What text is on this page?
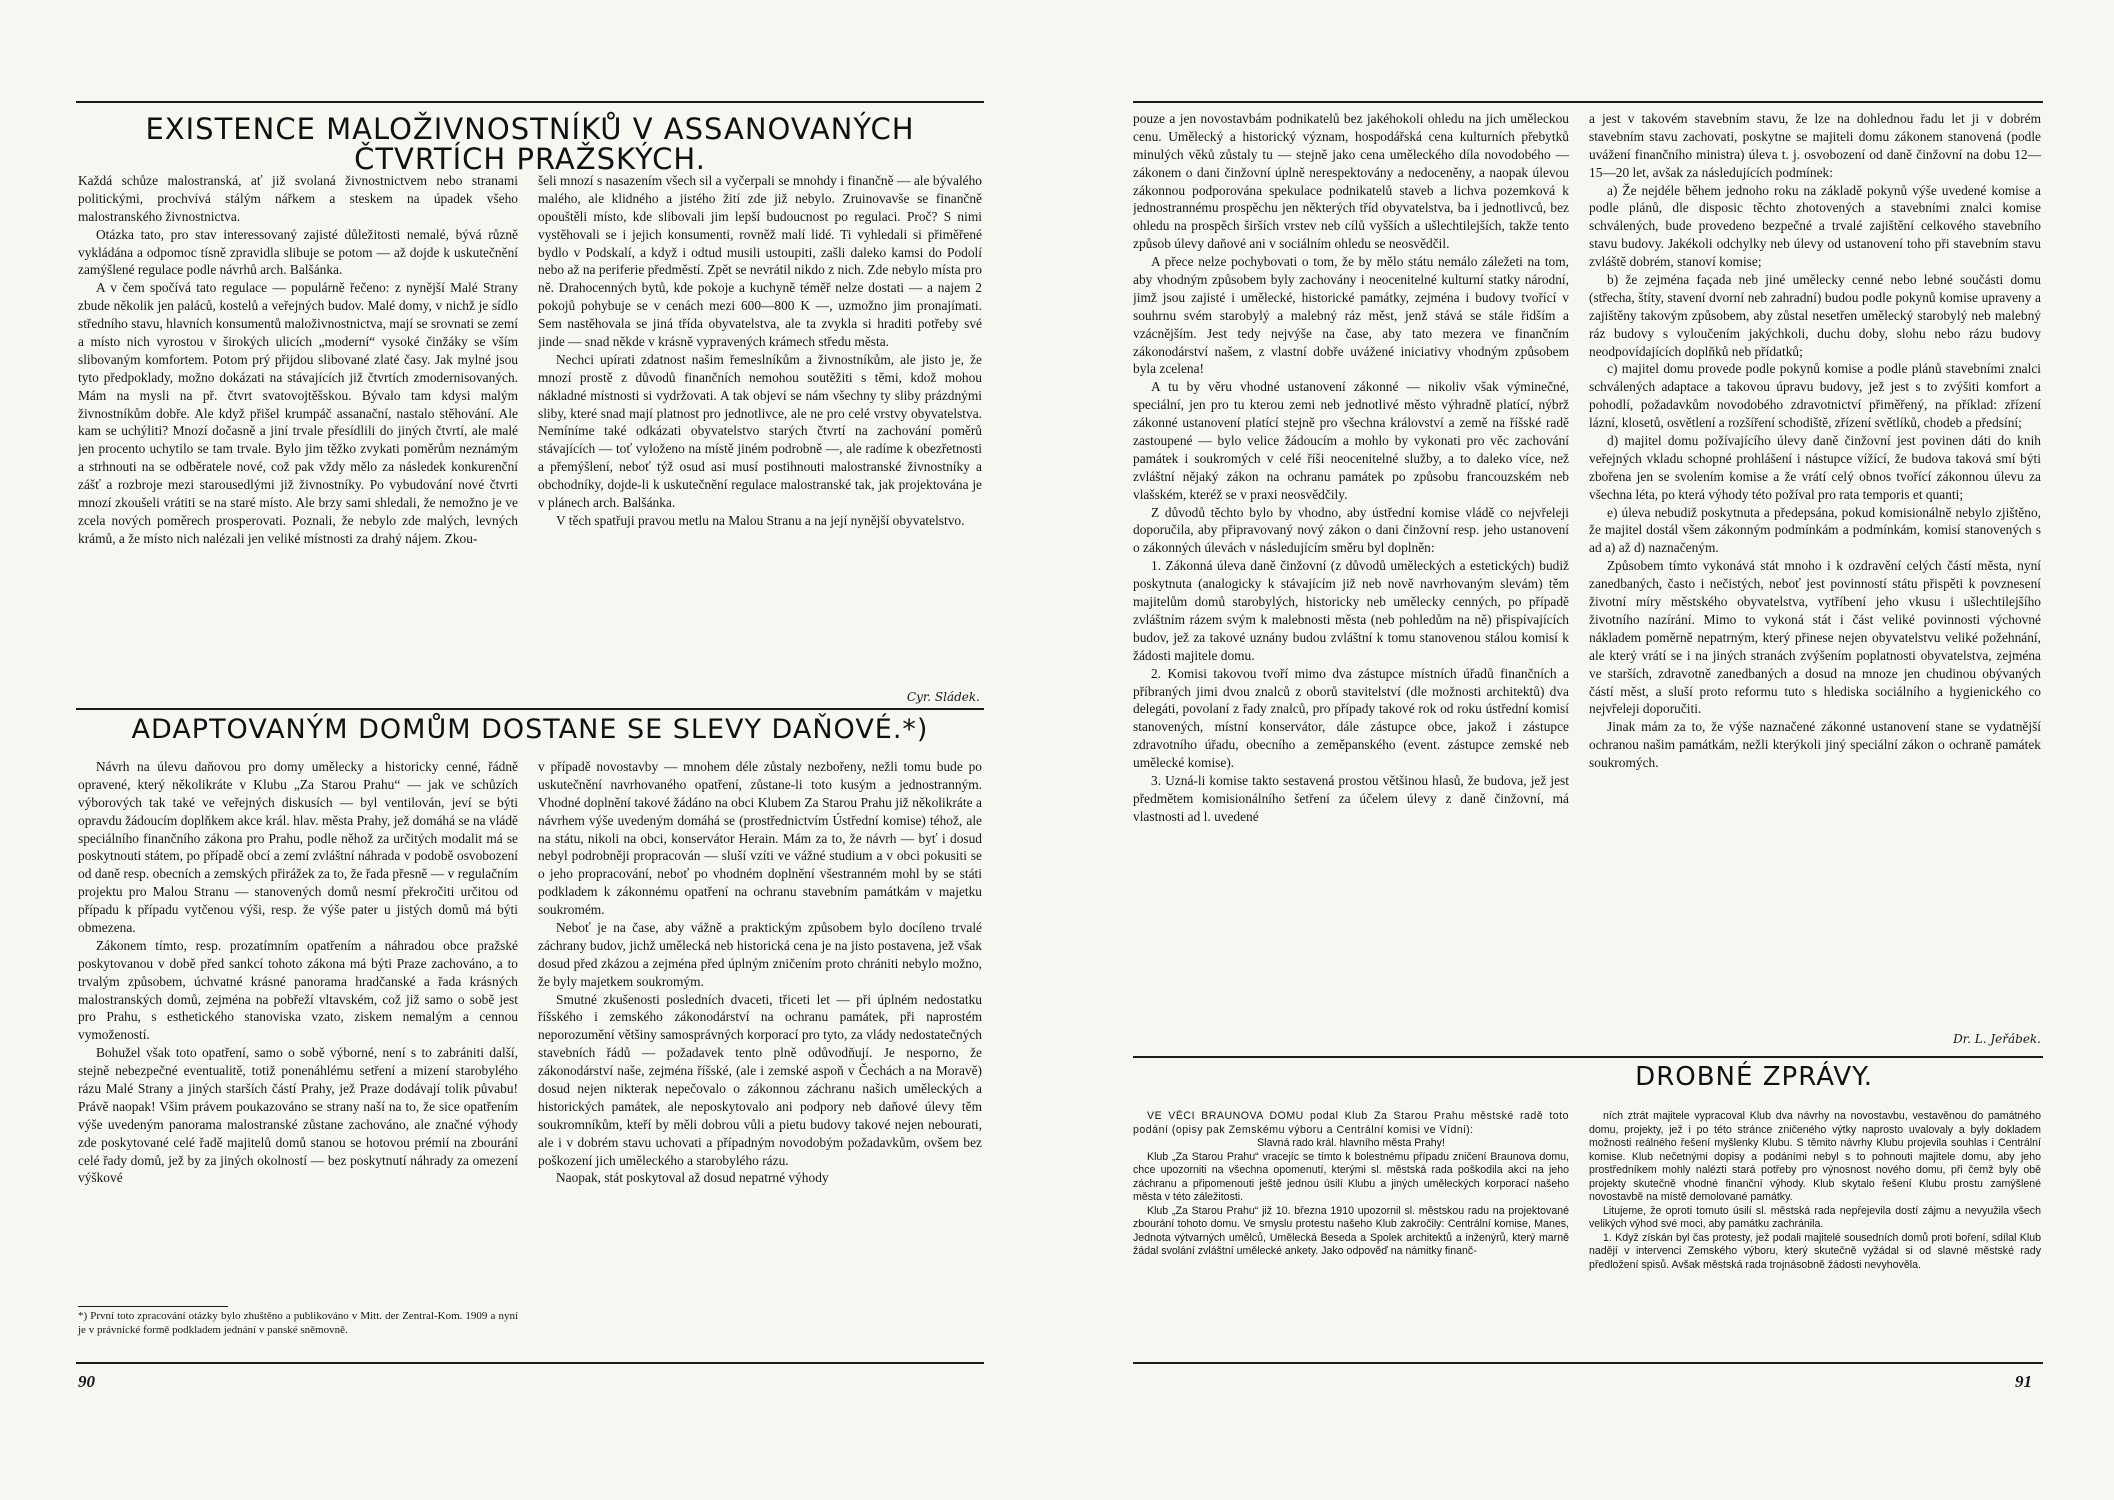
EXISTENCE MALOŽIVNOSTNÍKŮ V ASSANOVANÝCH ČTVRTÍCH PRAŽSKÝCH.

Každá schůze malostranská, ať již svolaná živnostnictvem nebo stranami politickými, prochvívá stálým nářkem a steskem na úpadek všeho malostranského živnostnictva.

Otázka tato, pro stav interessovaný zajisté důležitosti nemalé, bývá různě vykládána a odpomoc tísně zpravidla slibuje se potom — až dojde k uskutečnění zamýšlené regulace podle návrhů arch. Balšánka.

A v čem spočívá tato regulace — populárně řečeno: z nynější Malé Strany zbude několik jen paláců, kostelů a veřejných budov. Malé domy, v nichž je sídlo středního stavu, hlavních konsumentů maloživnostnictva, mají se srovnati se zemí a místo nich vyrostou v širokých ulicích „moderní“ vysoké činžáky se vším slibovaným komfortem. Potom prý přijdou slibované zlaté časy. Jak mylné jsou tyto předpoklady, možno dokázati na stávajících již čtvrtích zmodernisovaných. Mám na mysli na př. čtvrt svatovojtěšskou. Bývalo tam kdysi malým živnostníkům dobře. Ale když přišel krumpáč assanační, nastalo stěhování. Ale kam se uchýliti? Mnozí dočasně a jiní trvale přesídlili do jiných čtvrtí, ale malé jen procento uchytilo se tam trvale. Bylo jim těžko zvykati poměrům neznámým a strhnouti na se odběratele nové, což pak vždy mělo za následek konkurenční zášť a rozbroje mezi starousedlými již živnostníky. Po vybudování nové čtvrti mnozí zkoušeli vrátiti se na staré místo. Ale brzy sami shledali, že nemožno je ve zcela nových poměrech prosperovati. Poznali, že nebylo zde malých, levných krámů, a že místo nich nalézali jen veliké místnosti za drahý nájem. Zkou-

šeli mnozí s nasazením všech sil a vyčerpali se mnohdy i finančně — ale bývalého malého, ale klidného a jistého žití zde již nebylo. Zruinovavše se finančně opouštěli místo, kde slibovali jim lepší budoucnost po regulaci. Proč? S nimi vystěhovali se i jejich konsumenti, rovněž malí lidé. Ti vyhledali si přiměřené bydlo v Podskalí, a když i odtud musili ustoupiti, zašli daleko kamsi do Podolí nebo až na periferie předměstí. Zpět se nevrátil nikdo z nich. Zde nebylo místa pro ně. Drahocenných bytů, kde pokoje a kuchyně téměř nelze dostati — a najem 2 pokojů pohybuje se v cenách mezi 600—800 K —, uzmožno jim pronajímati. Sem nastěhovala se jiná třída obyvatelstva, ale ta zvykla si hraditi potřeby své jinde — snad někde v krásně vypravených krámech středu města.

Nechci upírati zdatnost našim řemeslníkům a živnostníkům, ale jisto je, že mnozí prostě z důvodů finančních nemohou soutěžiti s těmi, kdož mohou nákladné místnosti si vydržovati. A tak objeví se nám všechny ty sliby prázdnými sliby, které snad mají platnost pro jednotlivce, ale ne pro celé vrstvy obyvatelstva. Nemíníme také odkázati obyvatelstvo starých čtvrtí na zachování poměrů stávajících — toť vyloženo na místě jiném podrobně —, ale radíme k obezřetnosti a přemýšlení, neboť týž osud asi musí postihnouti malostranské živnostníky a obchodníky, dojde-li k uskutečnění regulace malostranské tak, jak projektována je v plánech arch. Balšánka.

V těch spatřuji pravou metlu na Malou Stranu a na její nynější obyvatelstvo.

Cyr. Sládek.
ADAPTOVANÝM DOMŮM DOSTANE SE SLEVY DAŇOVÉ.*)

Návrh na úlevu daňovou pro domy umělecky a historicky cenné, řádně opravené, který několikráte v Klubu „Za Starou Prahu“ — jak ve schůzích výborových tak také ve veřejných diskusích — byl ventilován, jeví se býti opravdu žádoucím doplňkem akce král. hlav. města Prahy, jež domáhá se na vládě speciálního finančního zákona pro Prahu, podle něhož za určitých modalit má se poskytnouti státem, po případě obcí a zemí zvláštní náhrada v podobě osvobození od daně resp. obecních a zemských přirážek za to, že řada přesně — v regulačním projektu pro Malou Stranu — stanovených domů nesmí překročiti určitou od případu k případu vytčenou výši, resp. že výše pater u jistých domů má býti obmezena.

Zákonem tímto, resp. prozatímním opatřením a náhradou obce pražské poskytovanou v době před sankcí tohoto zákona má býti Praze zachováno, a to trvalým způsobem, úchvatné krásné panorama hradčanské a řada krásných malostranských domů, zejména na pobřeží vltavském, což již samo o sobě jest pro Prahu, s esthetického stanoviska vzato, ziskem nemalým a cennou vymožeností.

Bohužel však toto opatření, samo o sobě výborné, není s to zabrániti další, stejně nebezpečné eventualitě, totiž ponenáhlému setření a mizení starobylého rázu Malé Strany a jiných starších částí Prahy, jež Praze dodávají tolik půvabu! Právě naopak! Všim právem poukazováno se strany naší na to, že sice opatřením výše uvedeným panorama malostranské zůstane zachováno, ale značné výhody zde poskytované celé řadě majitelů domů stanou se hotovou prémií na zbourání celé řady domů, jež by za jiných okolností — bez poskytnutí náhrady za omezení výškové

*) První toto zpracování otázky bylo zhuštěno a publikováno v Mitt. der Zentral-Kom. 1909 a nyní je v právnické formě podkladem jednání v panské sněmovně.

v případě novostavby — mnohem déle zůstaly nezbořeny, nežli tomu bude po uskutečnění navrhovaného opatření, zůstane-li toto kusým a jednostranným. Vhodné doplnění takové žádáno na obci Klubem Za Starou Prahu již několikráte a návrhem výše uvedeným domáhá se (prostřednictvím Ústřední komise) téhož, ale na státu, nikoli na obci, konservátor Herain. Mám za to, že návrh — byť i dosud nebyl podrobněji propracován — sluší vzíti ve vážné studium a v obci pokusiti se o jeho propracování, neboť po vhodném doplnění všestranném mohl by se státi podkladem k zákonnému opatření na ochranu stavebním památkám v majetku soukromém.

Neboť je na čase, aby vážně a praktickým způsobem bylo docíleno trvalé záchrany budov, jichž umělecká neb historická cena je na jisto postavena, jež však dosud před zkázou a zejména před úplným zničením proto chrániti nebylo možno, že byly majetkem soukromým.

Smutné zkušenosti posledních dvaceti, třiceti let — při úplném nedostatku říšského i zemského zákonodárství na ochranu památek, při naprostém neporozumění většiny samosprávných korporací pro tyto, za vlády nedostatečných stavebních řádů — požadavek tento plně odůvodňují. Je nesporno, že zákonodárství naše, zejména říšské, (ale i zemské aspoň v Čechách a na Moravě) dosud nejen nikterak nepečovalo o zákonnou záchranu našich uměleckých a historických památek, ale neposkytovalo ani podpory neb daňové úlevy těm soukromníkům, kteří by měli dobrou vůli a pietu budovy takové nejen nebourati, ale i v dobrém stavu uchovati a případným novodobým požadavkům, ovšem bez poškození jich uměleckého a starobylého rázu.

Naopak, stát poskytoval až dosud nepatrné výhody

90

pouze a jen novostavbám podnikatelů bez jakéhokoli ohledu na jich uměleckou cenu. Umělecký a historický význam, hospodářská cena kulturních přebytků minulých věků zůstaly tu — stejně jako cena uměleckého díla novodobého — zákonem o dani činžovní úplně nerespektovány a nedoceněny, a naopak úlevou zákonnou podporována spekulace podnikatelů staveb a lichva pozemková k jednostrannému prospěchu jen některých tříd obyvatelstva, ba i jednotlivců, bez ohledu na prospěch širších vrstev neb cílů vyšších a ušlechtilejších, takže tento způsob úlevy daňové ani v sociálním ohledu se neosvědčil.

A přece nelze pochybovati o tom, že by mělo státu nemálo záležeti na tom, aby vhodným způsobem byly zachovány i neocenitelné kulturní statky národní, jimž jsou zajisté i umělecké, historické památky, zejména i budovy tvořící v souhrnu svém starobylý a malebný ráz měst, jenž stává se stále řidším a vzácnějším. Jest tedy nejvýše na čase, aby tato mezera ve finančním zákonodárství našem, z vlastní dobře uvážené iniciativy vhodným způsobem byla zcelena!

A tu by věru vhodné ustanovení zákonné — nikoliv však výminečné, speciální, jen pro tu kterou zemi neb jednotlivé město výhradně platící, nýbrž zákonné ustanovení platící stejně pro všechna království a země na říšské radě zastoupené — bylo velice žádoucím a mohlo by vykonati pro věc zachování památek i soukromých v celé říši neocenitelné služby, a to daleko více, než zvláštní nějaký zákon na ochranu památek po způsobu francouzském neb vlašském, kteréž se v praxi neosvědčily.

Z důvodů těchto bylo by vhodno, aby ústřední komise vládě co nejvřeleji doporučila, aby připravovaný nový zákon o dani činžovní resp. jeho ustanovení o zákonných úlevách v následujícím směru byl doplněn:

1. Zákonná úleva daně činžovní (z důvodů uměleckých a estetických) budiž poskytnuta (analogicky k stávajícím již neb nově navrhovaným slevám) těm majitelům domů starobylých, historicky neb umělecky cenných, po případě zvláštním rázem svým k malebnosti města (neb pohledům na ně) přispívajících budov, jež za takové uznány budou zvláštní k tomu stanovenou stálou komisí k žádosti majitele domu.

2. Komisi takovou tvoří mimo dva zástupce místních úřadů finančních a příbraných jimi dvou znalců z oborů stavitelství (dle možnosti architektů) dva delegáti, povolaní z řady znalců, pro případy takové rok od roku ústřední komisí stanovených, místní konservátor, dále zástupce obce, jakož i zástupce zdravotního úřadu, obecního a zeměpanského (event. zástupce zemské neb umělecké komise).

3. Uzná-li komise takto sestavená prostou většinou hlasů, že budova, jež jest předmětem komisionálního šetření za účelem úlevy z daně činžovní, má vlastnosti ad l. uvedené

a jest v takovém stavebním stavu, že lze na dohlednou řadu let ji v dobrém stavebním stavu zachovati, poskytne se majiteli domu zákonem stanovená (podle uvážení finančního ministra) úleva t. j. osvobození od daně činžovní na dobu 12—15—20 let, avšak za následujících podmínek:

a) Že nejdéle během jednoho roku na základě pokynů výše uvedené komise a podle plánů, dle disposic těchto zhotovených a stavebními znalci komise schválených, bude provedeno bezpečné a trvalé zajištění celkového stavebního stavu budovy. Jakékoli odchylky neb úlevy od ustanovení toho při stavebním stavu zvláště dobrém, stanoví komise;

b) že zejména façada neb jiné umělecky cenné nebo lebné součásti domu (střecha, štíty, stavení dvorní neb zahradní) budou podle pokynů komise upraveny a zajištěny takovým způsobem, aby zůstal nesetřen umělecký starobylý neb malebný ráz budovy s vyloučením jakýchkoli, duchu doby, slohu nebo rázu budovy neodpovídajících doplňků neb přídatků;

c) majitel domu provede podle pokynů komise a podle plánů stavebními znalci schválených adaptace a takovou úpravu budovy, jež jest s to zvýšiti komfort a pohodlí, požadavkům novodobého zdravotnictví přiměřený, na příklad: zřízení lázní, klosetů, osvětlení a rozšíření schodiště, zřízení světlíků, chodeb a předsíní;

d) majitel domu požívajícího úlevy daně činžovní jest povinen dáti do knih veřejných vkladu schopné prohlášení i nástupce vížící, že budova taková smí býti zbořena jen se svolením komise a že vrátí celý obnos tvořící zákonnou úlevu za všechna léta, po která výhody této požíval pro rata temporis et quanti;

e) úleva nebudiž poskytnuta a předepsána, pokud komisionálně nebylo zjištěno, že majitel dostál všem zákonným podmínkám a podmínkám, komisí stanovených s ad a) až d) naznačeným.

Způsobem tímto vykonává stát mnoho i k ozdravění celých částí města, nyní zanedbaných, často i nečistých, neboť jest povinností státu přispěti k povznesení životní míry městského obyvatelstva, vytříbení jeho vkusu i ušlechtilejšího životního nazírání. Mimo to vykoná stát i část veliké povinnosti výchovné nákladem poměrně nepatrným, který přinese nejen obyvatelstvu veliké požehnání, ale který vrátí se i na jiných stranách zvýšením poplatnosti obyvatelstva, zejména ve starších, zdravotně zanedbaných a dosud na mnoze jen chudinou obývaných částí měst, a sluší proto reformu tuto s hlediska sociálního a hygienického co nejvřeleji doporučiti.

Jinak mám za to, že výše naznačené zákonné ustanovení stane se vydatnější ochranou našim památkám, nežli kterýkoli jiný speciální zákon o ochraně památek soukromých.

Dr. L. Jeřábek.
DROBNÉ ZPRÁVY.

VE VĚCI BRAUNOVA DOMU podal Klub Za Starou Prahu městské radě toto podání (opisy pak Zemskému výboru a Centrální komisi ve Vídni):

Slavná rado král. hlavního města Prahy!

Klub „Za Starou Prahu“ vracejíc se tímto k bolestnému případu zničení Braunova domu, chce upozorniti na všechna opomenutí, kterými sl. městská rada poškodila akci na jeho záchranu a připomenouti ještě jednou úsilí Klubu a jiných uměleckých korporací našeho města v této záležitosti.

Klub „Za Starou Prahu“ již 10. března 1910 upozornil sl. městskou radu na projektované zbourání tohoto domu. Ve smyslu protestu našeho Klub zakročily: Centrální komise, Manes, Jednota výtvarných umělců, Umělecká Beseda a Spolek architektů a inženýrů, který marně žádal svolání zvláštní umělecké ankety. Jako odpověď na námitky finanč-

ních ztrát majitele vypracoval Klub dva návrhy na novostavbu, vestavěnou do památného domu, projekty, jež i po této stránce zničeného výtky naprosto uvalovaly a byly dokladem možnosti reálného řešení myšlenky Klubu. S těmito návrhy Klubu projevila souhlas i Centrální komise. Klub nečetnými dopisy a podáními nebyl s to pohnouti majitele domu, aby jeho prostředníkem mohly nalézti stará potřeby pro výnosnost nového domu, při čemž byly obě projekty skutečně vhodné finanční výhody. Klub skytalo řešení Klubu prostu zamýšlené novostavbě na místě demolované památky.

Litujeme, že oproti tomuto úsilí sl. městská rada nepřejevila dostí zájmu a nevyužila všech velikých výhod své moci, aby památku zachránila.

1. Když získán byl čas protesty, jež podali majitelé sousedních domů proti boření, sdílal Klub nadějí v intervenci Zemského výboru, který skutečně vyžádal si od slavné městské rady předložení spisů. Avšak městská rada trojnásobně žádosti nevyhověla.

91
